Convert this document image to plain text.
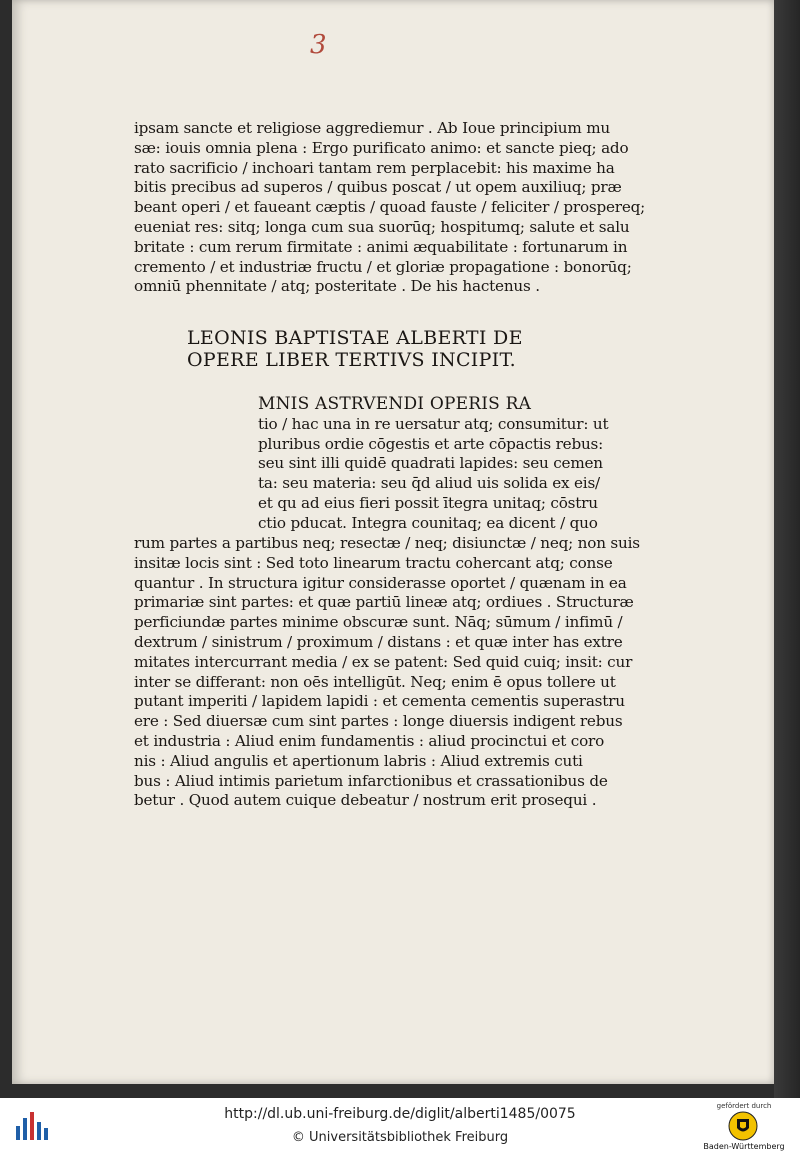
3
ipsam sancte et religiose aggrediemur . Ab Ioue principium mu
sæ: iouis omnia plena : Ergo purificato animo: et sancte pieq; ado
rato sacrificio / inchoari tantam rem perplacebit: his maxime ha
bitis precibus ad superos / quibus poscat / ut opem auxiliuq; præ
beant operi / et faueant cæptis / quoad fauste / feliciter / prospereq;
eueniat res: sitq; longa cum sua suorūq; hospitumq; salute et salu
britate : cum rerum firmitate : animi æquabilitate : fortunarum in
cremento / et industriæ fructu / et gloriæ propagatione : bonorūq;
omniū phennitate / atq; posteritate . De his hactenus .
LEONIS BAPTISTAE ALBERTI DE
OPERE LIBER TERTIVS INCIPIT.
MNIS ASTRVENDI OPERIS RA
tio / hac una in re uersatur atq; consumitur: ut
pluribus ordie cōgestis et arte cōpactis rebus:
seu sint illi quidē quadrati lapides: seu cemen
ta: seu materia: seu q̄d aliud uis solida ex eis/
et qu ad eius fieri possit ītegra unitaq; cōstru
ctio pducat. Integra counitaq; ea dicent / quo
rum partes a partibus neq; resectæ / neq; disiunctæ / neq; non suis
insitæ locis sint : Sed toto linearum tractu cohercant atq; conse
quantur . In structura igitur considerasse oportet / quænam in ea
primariæ sint partes: et quæ partiū lineæ atq; ordiues . Structuræ
perficiundæ partes minime obscuræ sunt. Nāq; sūmum / infimū /
dextrum / sinistrum / proximum / distans : et quæ inter has extre
mitates intercurrant media / ex se patent: Sed quid cuiq; insit: cur
inter se differant: non oēs intelligūt. Neq; enim ē opus tollere ut
putant imperiti / lapidem lapidi : et cementa cementis superastru
ere : Sed diuersæ cum sint partes : longe diuersis indigent rebus
et industria : Aliud enim fundamentis : aliud procinctui et coro
nis : Aliud angulis et apertionum labris : Aliud extremis cuti
bus : Aliud intimis parietum infarctionibus et crassationibus de
betur . Quod autem cuique debeatur / nostrum erit prosequi .
http://dl.ub.uni-freiburg.de/diglit/alberti1485/0075
© Universitätsbibliothek Freiburg
gefördert durch
Baden-Württemberg
